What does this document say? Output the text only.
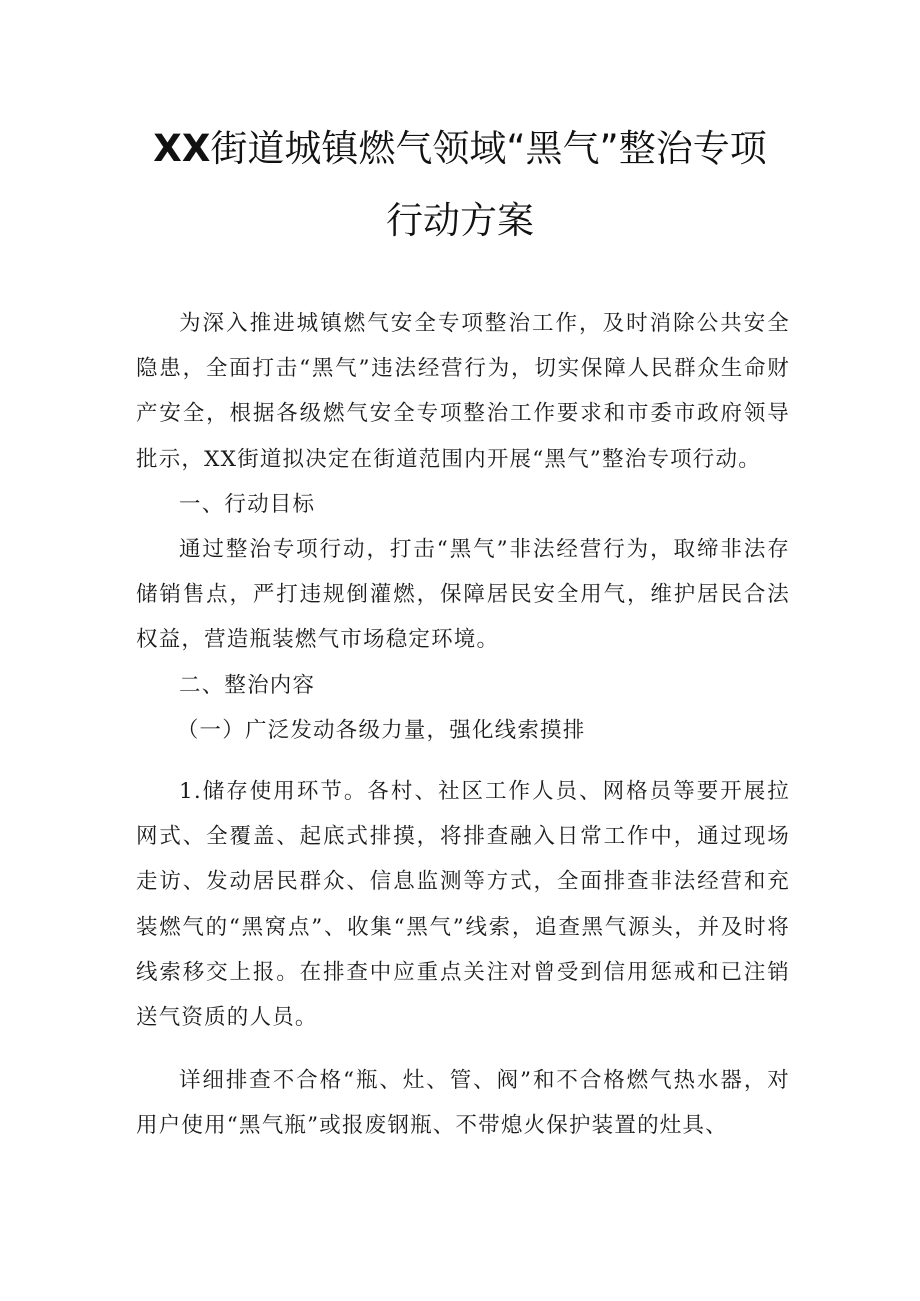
XX街道城镇燃气领域“黑气”整治专项
行动方案

为深入推进城镇燃气安全专项整治工作，及时消除公共安全隐患，全面打击“黑气”违法经营行为，切实保障人民群众生命财产安全，根据各级燃气安全专项整治工作要求和市委市政府领导批示，XX街道拟决定在街道范围内开展“黑气”整治专项行动。

一、行动目标

通过整治专项行动，打击“黑气”非法经营行为，取缔非法存储销售点，严打违规倒灌燃，保障居民安全用气，维护居民合法权益，营造瓶装燃气市场稳定环境。

二、整治内容

（一）广泛发动各级力量，强化线索摸排

1.储存使用环节。各村、社区工作人员、网格员等要开展拉网式、全覆盖、起底式排摸，将排查融入日常工作中，通过现场走访、发动居民群众、信息监测等方式，全面排查非法经营和充装燃气的“黑窝点”、收集“黑气”线索，追查黑气源头，并及时将线索移交上报。在排查中应重点关注对曾受到信用惩戒和已注销送气资质的人员。

详细排查不合格“瓶、灶、管、阀”和不合格燃气热水器，对用户使用“黑气瓶”或报废钢瓶、不带熄火保护装置的灶具、
